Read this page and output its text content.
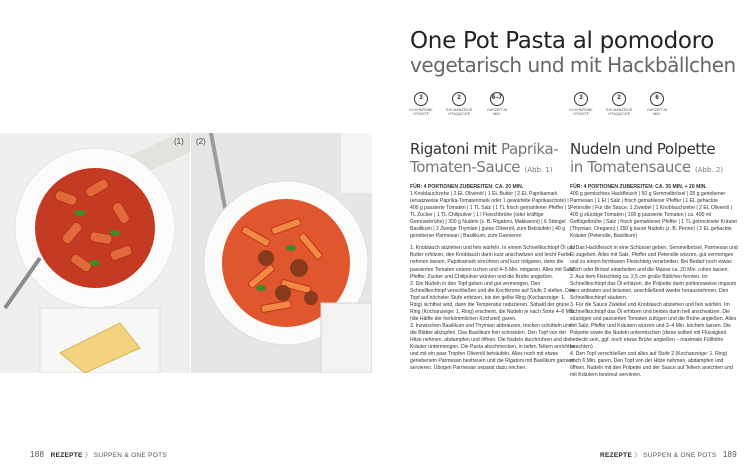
(1) (2)
One Pot Pasta al pomodoro
vegetarisch und mit Hackbällchen
3
KOCHKRONE VITAVIT®
2
KOCHANZEIGE VITAQUICK®
6–7
GARZEIT IN MIN.
3
KOCHKRONE VITAVIT®
2
KOCHANZEIGE VITAQUICK®
6
GARZEIT IN MIN.
Rigatoni mit Paprika-
Tomaten-Sauce (Abb. 1)
Nudeln und Polpette
in Tomatensauce (Abb. 2)
FÜR: 4 PORTIONEN ZUBEREITEN: CA. 20 MIN.
1 Knoblauchzehe | 2 EL Olivenöl | 1 EL Butter | 2 EL Paprikamark (ersatzweise Paprika-Tomatenmark oder 1 gewürfelte Paprikaschote) | 400 g passierte Tomaten | 1 TL Salz | 1 TL frisch gemahlener Pfeffer | 1 TL Zucker | 1 TL Chilipulver | 1 l Fleischbrühe (oder kräftige Gemüsebrühe) | 300 g Nudeln (z. B. Rigatoni, Makkaroni) | 6 Stängel Basilikum | 2 Zweige Thymian | gutes Olivenöl, zum Beträufeln | 40 g geriebener Parmesan | Basilikum, zum Garnieren

1. Knoblauch abziehen und fein würfeln. In einem Schnellkochtopf Öl und Butter erhitzen, den Knoblauch darin kurz anschwitzen und leicht Farbe nehmen lassen. Paprikamark einrühren und kurz mitgaren, dann die passierten Tomaten unterm ischen und 4–5 Min. mitgaren. Alles mit Salz, Pfeffer, Zucker und Chilipulver würzen und die Brühe angießen.

2. Die Nudeln in den Topf geben und gut vermengen. Den Schnellkochtopf verschließen und die Kochkrone auf Stufe 2 stellen. Den Topf auf höchster Stufe erhitzen, bis der gelbe Ring (Kochanzeige: 1. Ring) sichtbar wird, dann die Temperatur reduzieren. Sobald der grüne Ring (Kochanzeige: 1. Ring) erscheint, die Nudeln je nach Sorte 4–6 Min. (die Hälfte der herkömmlichen Kochzeit) garen.

3. Inzwischen Basilikum und Thymian abbrausen, trocken schütteln und die Blätter abzupfen. Das Basilikum fein schneiden. Den Topf von der Hitze nehmen, abdampfen und öffnen. Die Nudeln durchrühren und die Kräuter untermengen. Die Pasta abschmecken, in tiefen Tellern anrichten und mit ein paar Tropfen Olivenöl beträufeln. Alles noch mit etwas geriebenem Parmesan bestreuen und die Rigatoni mit Basilikum garniert servieren. Übrigen Parmesan separat dazu reichen.

FÜR: 4 PORTIONEN ZUBEREITEN: CA. 35 MIN. + 20 MIN.
400 g gemischtes Hackfleisch | 50 g Semmelbrösel | 25 g geriebener Parmesan | 1 Ei | Salz | frisch gemahlener Pfeffer | 1 EL gehackte Petersilie | Für die Sauce: 1 Zwiebel | 1 Knoblauchzehe | 2 EL Olivenöl | 400 g stückige Tomaten | 100 g passierte Tomaten | ca. 400 ml Geflügelbrühe | Salz | frisch gemahlener Pfeffer | 1 TL getrocknete Kräuter (Thymian, Oregano) | 250 g kurze Nudeln (z. B. Penne) | 2 EL gehackte Kräuter (Petersilie, Basilikum)

1. Das Hackfleisch in eine Schüssel geben, Semmelbrösel, Parmesan und Ei zugeben. Alles mit Salz, Pfeffer und Petersilie würzen, gut vermengen und zu einem formbaren Fleischteig verarbeiten. Bei Bedarf noch etwas Milch oder Brösel einarbeiten und die Masse ca. 20 Min. ruhen lassen.

2. Aus dem Fleischteig ca. 2,5 cm große Bällchen formen. Im Schnellkochtopf das Öl erhitzen, die Polpette darin portionsweise ringsum kurz anbraten und bräunen, anschließend wieder herausnehmen. Den Schnellkochtopf säubern.

3. Für die Sauce Zwiebel und Knoblauch abziehen und fein würfeln. Im Schnellkochtopf das Öl erhitzen und beides darin hell anschwitzen. Die stückigen und passierten Tomaten zufügen und die Brühe angießen. Alles mit Salz, Pfeffer und Kräutern würzen und 3–4 Min. köcheln lassen. Die Polpette sowie die Nudeln untermischen (diese sollten mit Flüssigkeit bedeckt sein, ggf. noch etwas Brühe angießen – maximale Füllhöhe beachten).

4. Den Topf verschließen und alles auf Stufe 2 (Kochanzeige: 1. Ring) noch 6 Min. garen. Den Topf von der Hitze nehmen, abdampfen und öffnen. Nudeln mit den Polpette und der Sauce auf Tellern anrichten und mit Kräutern bestreut servieren.

188 REZEPTE 》 SUPPEN & ONE POTS	REZEPTE 》 SUPPEN & ONE POTS 189
